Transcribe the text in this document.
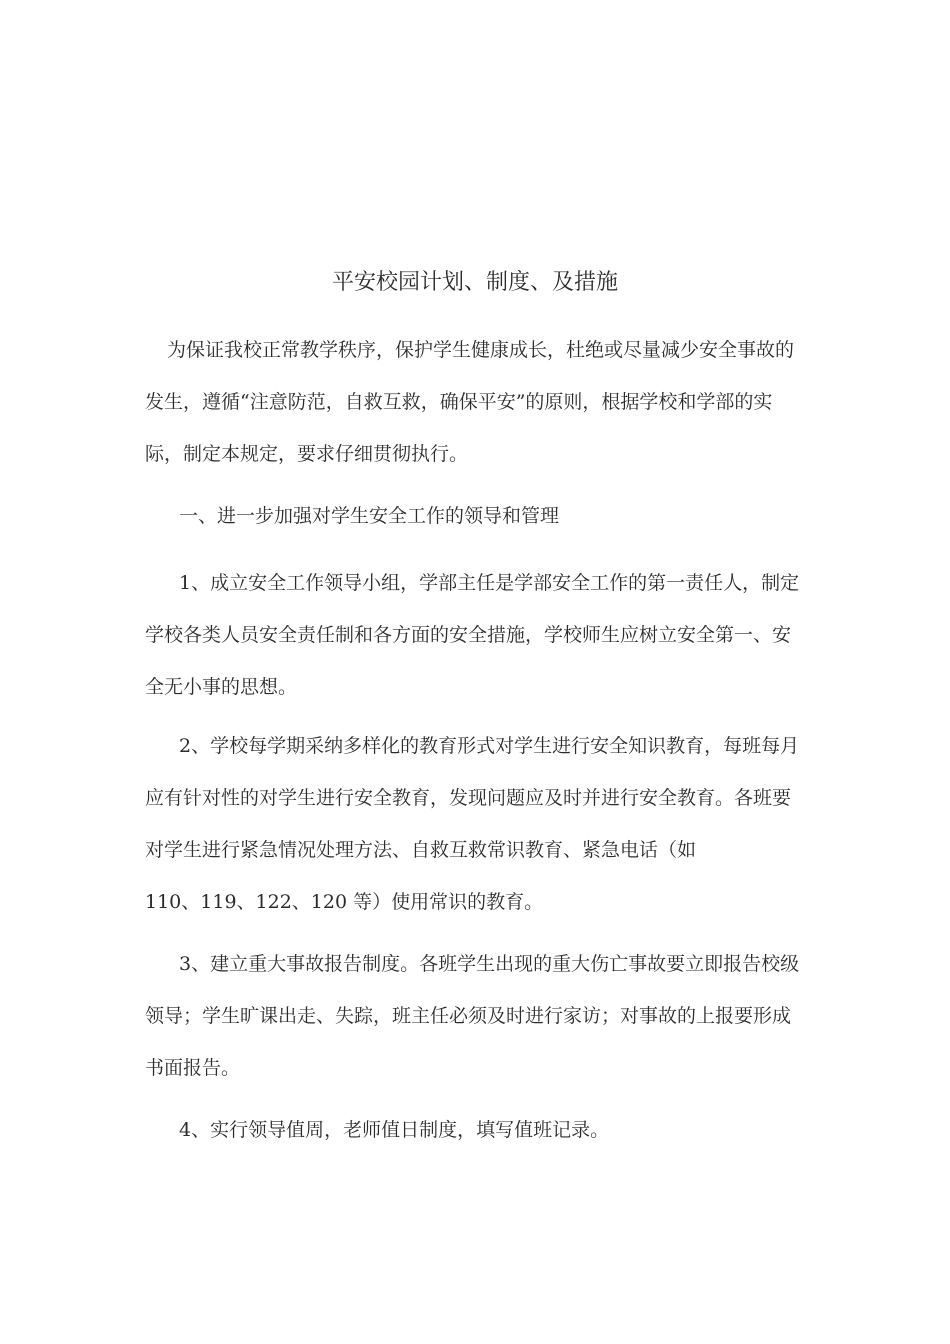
平安校园计划、制度、及措施
为保证我校正常教学秩序，保护学生健康成长，杜绝或尽量减少安全事故的
发生，遵循“注意防范，自救互救，确保平安”的原则，根据学校和学部的实
际，制定本规定，要求仔细贯彻执行。
一、进一步加强对学生安全工作的领导和管理
1、成立安全工作领导小组，学部主任是学部安全工作的第一责任人，制定
学校各类人员安全责任制和各方面的安全措施，学校师生应树立安全第一、安
全无小事的思想。
2、学校每学期采纳多样化的教育形式对学生进行安全知识教育，每班每月
应有针对性的对学生进行安全教育，发现问题应及时并进行安全教育。各班要
对学生进行紧急情况处理方法、自救互救常识教育、紧急电话（如
110、119、122、120 等）使用常识的教育。
3、建立重大事故报告制度。各班学生出现的重大伤亡事故要立即报告校级
领导；学生旷课出走、失踪，班主任必须及时进行家访；对事故的上报要形成
书面报告。
4、实行领导值周，老师值日制度，填写值班记录。
